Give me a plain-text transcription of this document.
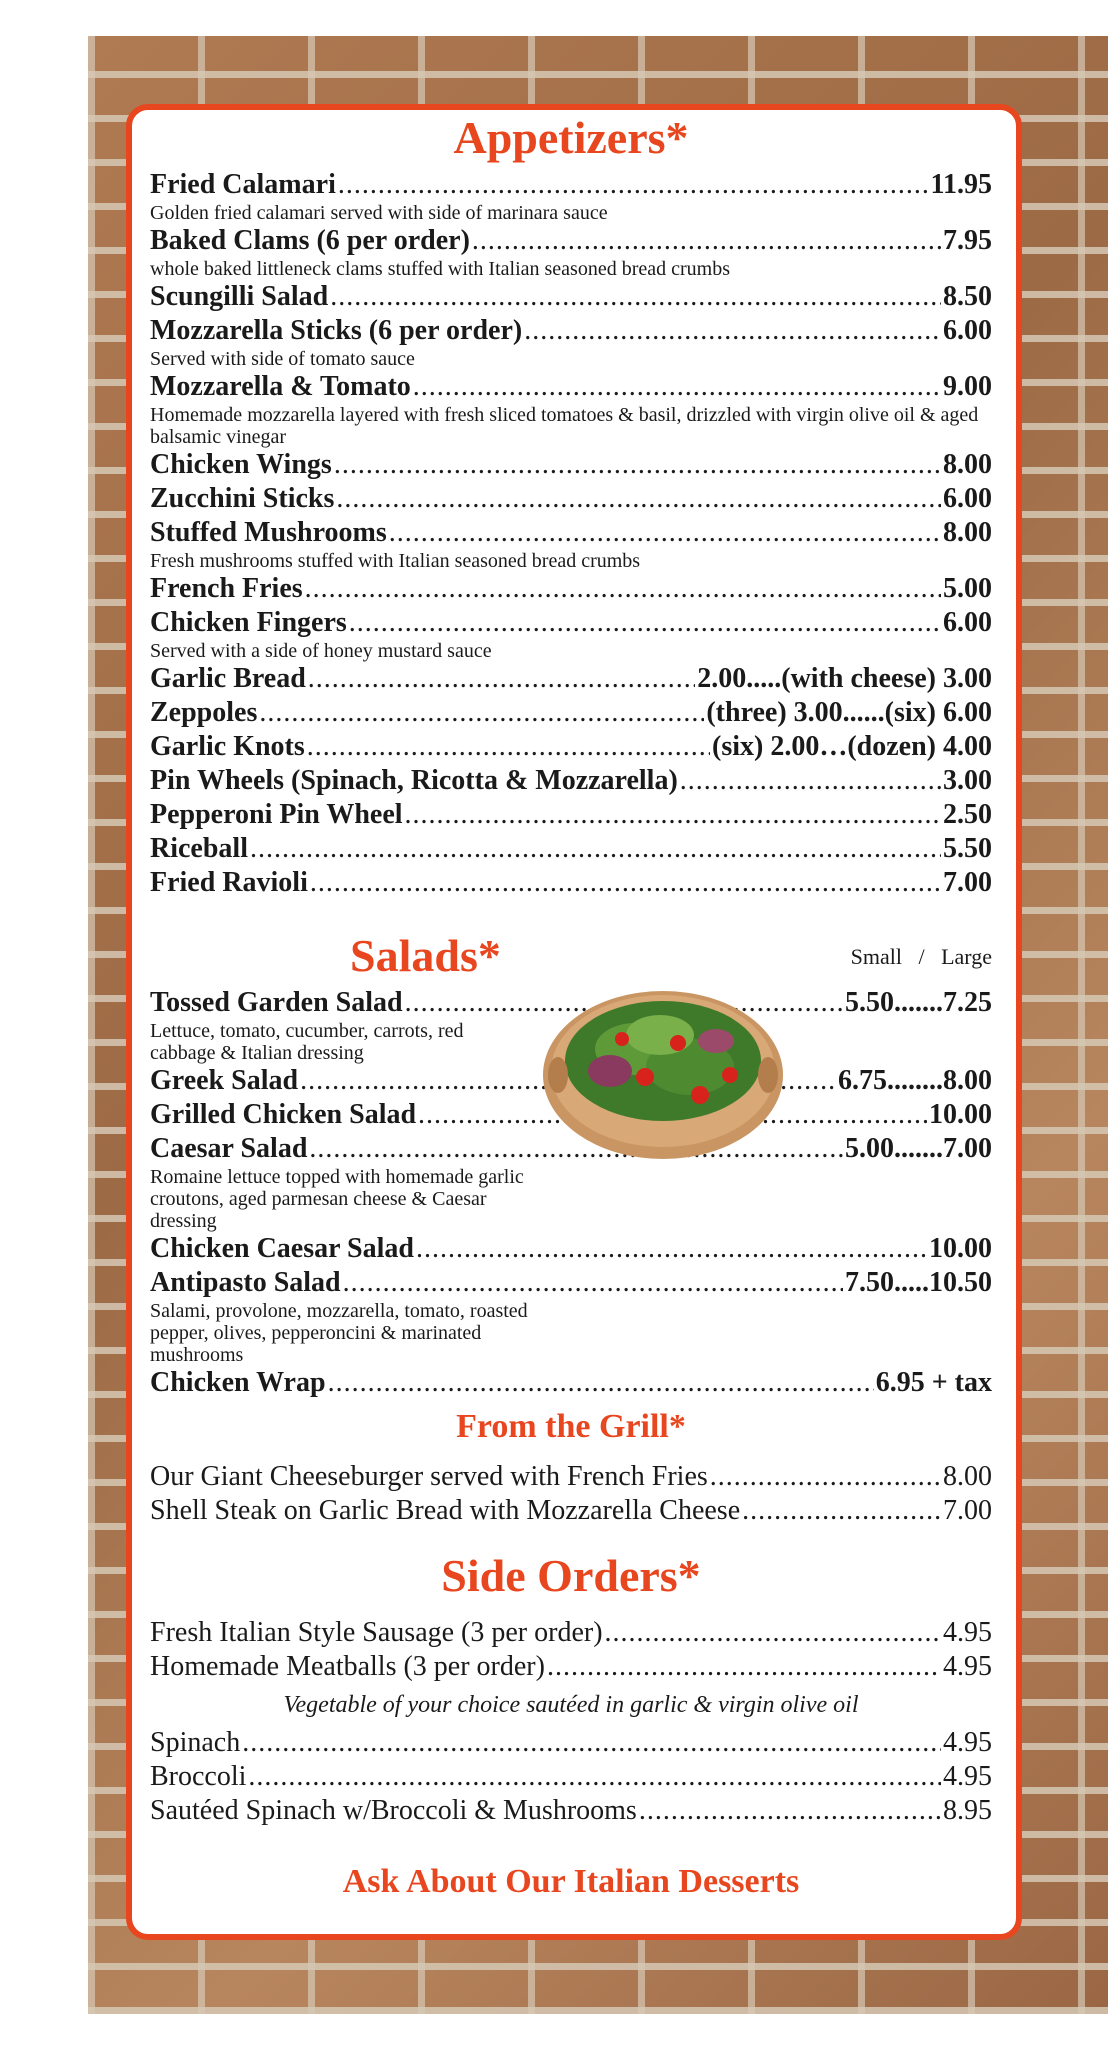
Appetizers*
Fried Calamari .....	11.95
Golden fried calamari served with side of marinara sauce
Baked Clams (6 per order) .....	7.95
whole baked littleneck clams stuffed with Italian seasoned bread crumbs
Scungilli Salad .....	8.50
Mozzarella Sticks (6 per order) .....	6.00
Served with side of tomato sauce
Mozzarella & Tomato .....	9.00
Homemade mozzarella layered with fresh sliced tomatoes & basil, drizzled with virgin olive oil & aged balsamic vinegar
Chicken Wings .....	8.00
Zucchini Sticks .....	6.00
Stuffed Mushrooms .....	8.00
Fresh mushrooms stuffed with Italian seasoned bread crumbs
French Fries .....	5.00
Chicken Fingers .....	6.00
Served with a side of honey mustard sauce
Garlic Bread .....	2.00.....(with cheese) 3.00
Zeppoles .....	(three) 3.00......(six) 6.00
Garlic Knots .....	(six) 2.00…(dozen) 4.00
Pin Wheels (Spinach, Ricotta & Mozzarella) .....	3.00
Pepperoni Pin Wheel .....	2.50
Riceball .....	5.50
Fried Ravioli .....	7.00
Salads*	Small   /   Large
Tossed Garden Salad .....	5.50.......7.25
Lettuce, tomato, cucumber, carrots, red cabbage & Italian dressing
Greek Salad .....	6.75........8.00
Grilled Chicken Salad .....	10.00
Caesar Salad .....	5.00.......7.00
Romaine lettuce topped with homemade garlic croutons, aged parmesan cheese & Caesar dressing
Chicken Caesar Salad .....	10.00
Antipasto Salad .....	7.50.....10.50
Salami, provolone, mozzarella, tomato, roasted pepper, olives, pepperoncini & marinated mushrooms
Chicken Wrap .....	6.95 + tax
From the Grill*
Our Giant Cheeseburger served with French Fries .....	8.00
Shell Steak on Garlic Bread with Mozzarella Cheese .....	7.00
Side Orders*
Fresh Italian Style Sausage (3 per order) .....	4.95
Homemade Meatballs (3 per order) .....	4.95
Vegetable of your choice sautéed in garlic & virgin olive oil
Spinach .....	4.95
Broccoli .....	4.95
Sautéed Spinach w/Broccoli & Mushrooms .....	8.95
Ask About Our Italian Desserts
